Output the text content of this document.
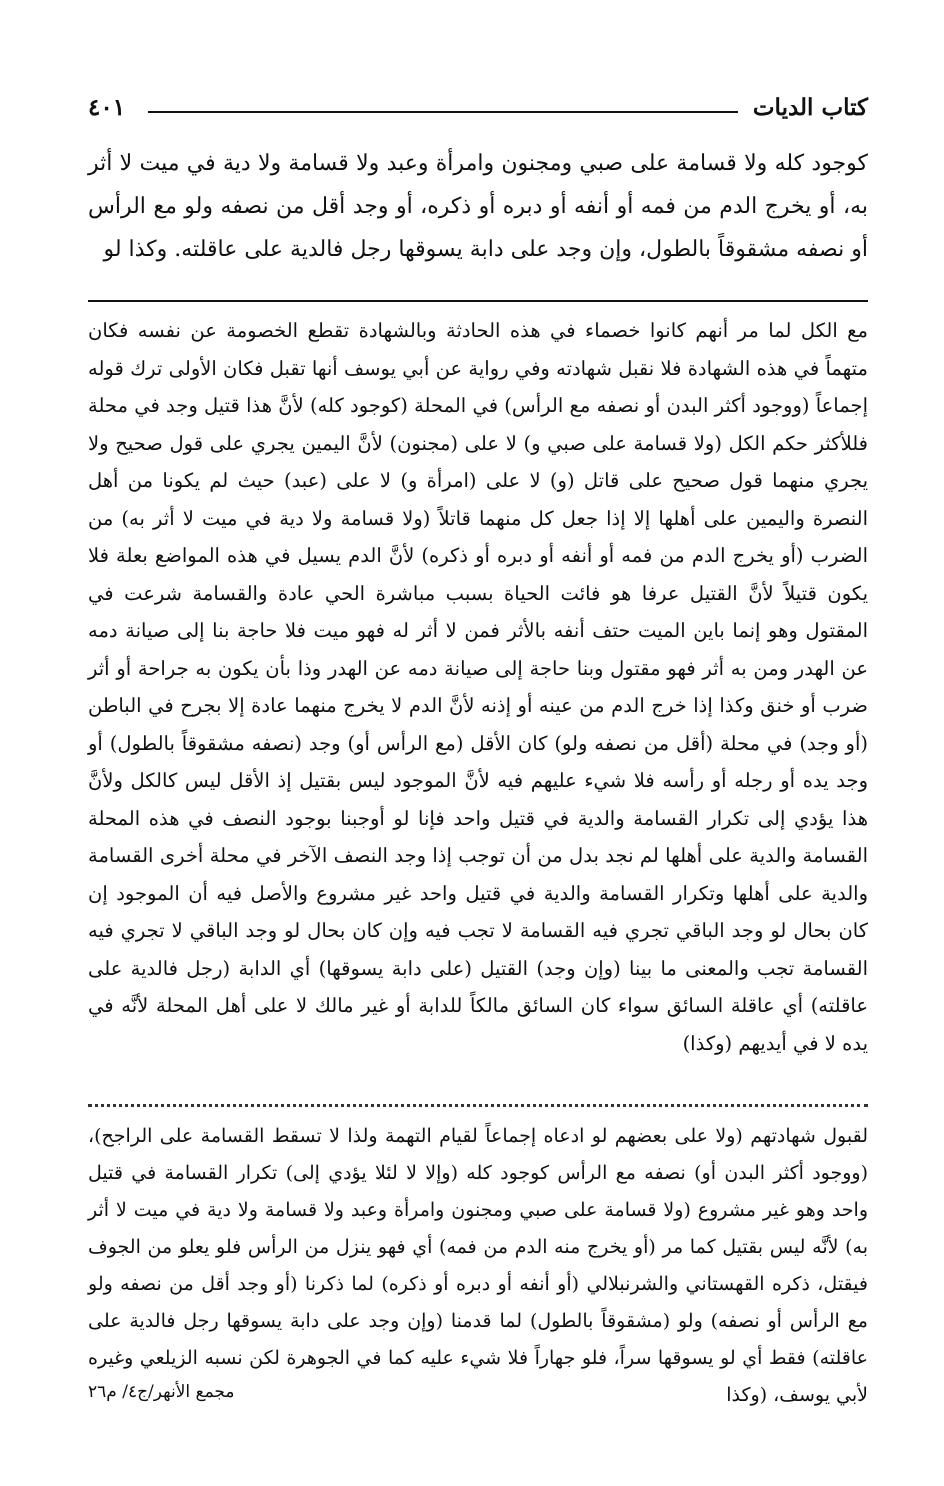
كتاب الديات
٤٠١

كوجود كله ولا قسامة على صبي ومجنون وامرأة وعبد ولا قسامة ولا دية في ميت لا أثر به، أو يخرج الدم من فمه أو أنفه أو دبره أو ذكره، أو وجد أقل من نصفه ولو مع الرأس أو نصفه مشقوقاً بالطول، وإن وجد على دابة يسوقها رجل فالدية على عاقلته. وكذا لو

مع الكل لما مر أنهم كانوا خصماء في هذه الحادثة وبالشهادة تقطع الخصومة عن نفسه فكان متهماً في هذه الشهادة فلا نقبل شهادته وفي رواية عن أبي يوسف أنها تقبل فكان الأولى ترك قوله إجماعاً (ووجود أكثر البدن أو نصفه مع الرأس) في المحلة (كوجود كله) لأنَّ هذا قتيل وجد في محلة فللأكثر حكم الكل (ولا قسامة على صبي و) لا على (مجنون) لأنَّ اليمين يجري على قول صحيح ولا يجري منهما قول صحيح على قاتل (و) لا على (امرأة و) لا على (عبد) حيث لم يكونا من أهل النصرة واليمين على أهلها إلا إذا جعل كل منهما قاتلاً (ولا قسامة ولا دية في ميت لا أثر به) من الضرب (أو يخرج الدم من فمه أو أنفه أو دبره أو ذكره) لأنَّ الدم يسيل في هذه المواضع بعلة فلا يكون قتيلاً لأنَّ القتيل عرفا هو فائت الحياة بسبب مباشرة الحي عادة والقسامة شرعت في المقتول وهو إنما باين الميت حتف أنفه بالأثر فمن لا أثر له فهو ميت فلا حاجة بنا إلى صيانة دمه عن الهدر ومن به أثر فهو مقتول وبنا حاجة إلى صيانة دمه عن الهدر وذا بأن يكون به جراحة أو أثر ضرب أو خنق وكذا إذا خرج الدم من عينه أو إذنه لأنَّ الدم لا يخرج منهما عادة إلا بجرح في الباطن (أو وجد) في محلة (أقل من نصفه ولو) كان الأقل (مع الرأس أو) وجد (نصفه مشقوقاً بالطول) أو وجد يده أو رجله أو رأسه فلا شيء عليهم فيه لأنَّ الموجود ليس بقتيل إذ الأقل ليس كالكل ولأنَّ هذا يؤدي إلى تكرار القسامة والدية في قتيل واحد فإنا لو أوجبنا بوجود النصف في هذه المحلة القسامة والدية على أهلها لم نجد بدل من أن توجب إذا وجد النصف الآخر في محلة أخرى القسامة والدية على أهلها وتكرار القسامة والدية في قتيل واحد غير مشروع والأصل فيه أن الموجود إن كان بحال لو وجد الباقي تجري فيه القسامة لا تجب فيه وإن كان بحال لو وجد الباقي لا تجري فيه القسامة تجب والمعنى ما بينا (وإن وجد) القتيل (على دابة يسوقها) أي الدابة (رجل فالدية على عاقلته) أي عاقلة السائق سواء كان السائق مالكاً للدابة أو غير مالك لا على أهل المحلة لأنَّه في يده لا في أيديهم (وكذا)

لقبول شهادتهم (ولا على بعضهم لو ادعاه إجماعاً لقيام التهمة ولذا لا تسقط القسامة على الراجح)، (ووجود أكثر البدن أو) نصفه مع الرأس كوجود كله (وإلا لا لئلا يؤدي إلى) تكرار القسامة في قتيل واحد وهو غير مشروع (ولا قسامة على صبي ومجنون وامرأة وعبد ولا قسامة ولا دية في ميت لا أثر به) لأنَّه ليس بقتيل كما مر (أو يخرج منه الدم من فمه) أي فهو ينزل من الرأس فلو يعلو من الجوف فيقتل، ذكره القهستاني والشرنبلالي (أو أنفه أو دبره أو ذكره) لما ذكرنا (أو وجد أقل من نصفه ولو مع الرأس أو نصفه) ولو (مشقوقاً بالطول) لما قدمنا (وإن وجد على دابة يسوقها رجل فالدية على عاقلته) فقط أي لو يسوقها سراً، فلو جهاراً فلا شيء عليه كما في الجوهرة لكن نسبه الزيلعي وغيره لأبي يوسف، (وكذا

مجمع الأنهر/ج٤/ م٢٦
